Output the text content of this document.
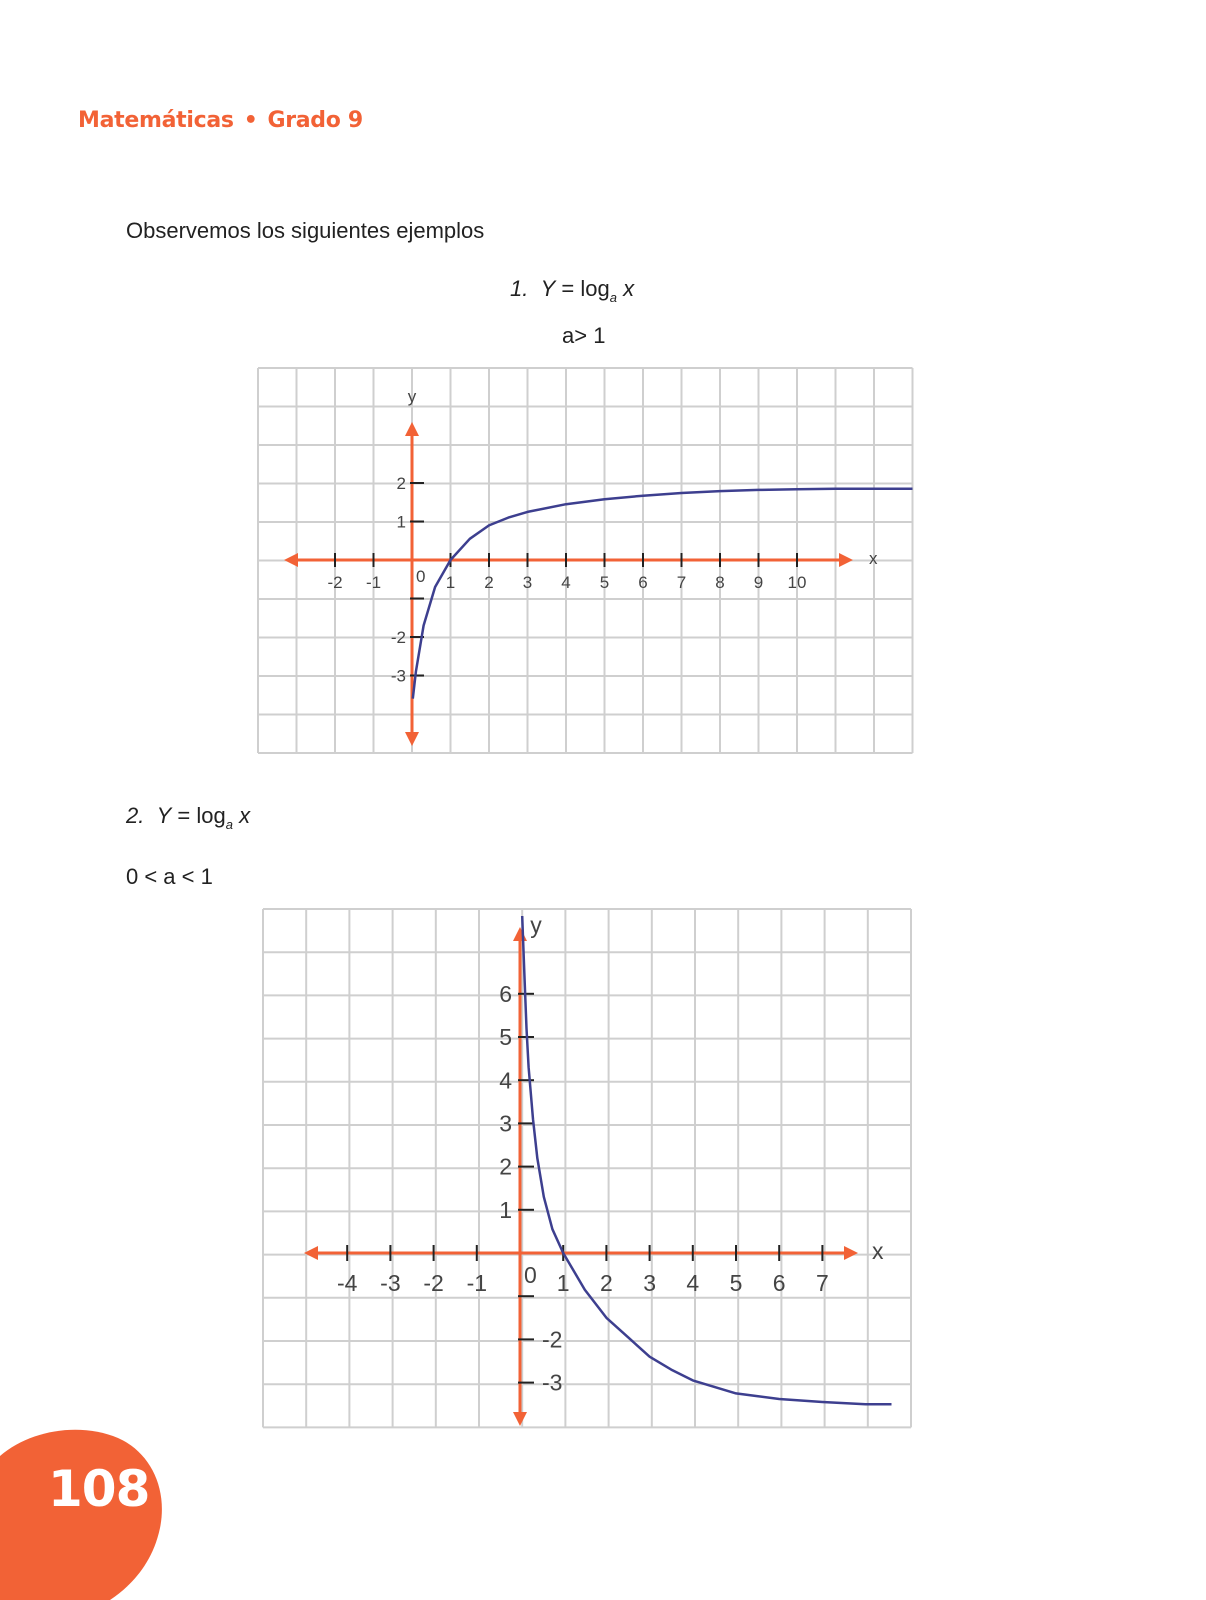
Matemáticas • Grado 9
Observemos los siguientes ejemplos
1. $Y = \log_a x$
a> 1
-2 -1	1 2 3 4 5 6 7 8 9 10
2
1
-2
-3
0
x
y
2. $Y = \log_a x$
0 < a < 1
-4 -3 -2 -1	1 2 3 4 5 6 7
6
5
4
3
2
1
-2
-3
0
x
y
108
